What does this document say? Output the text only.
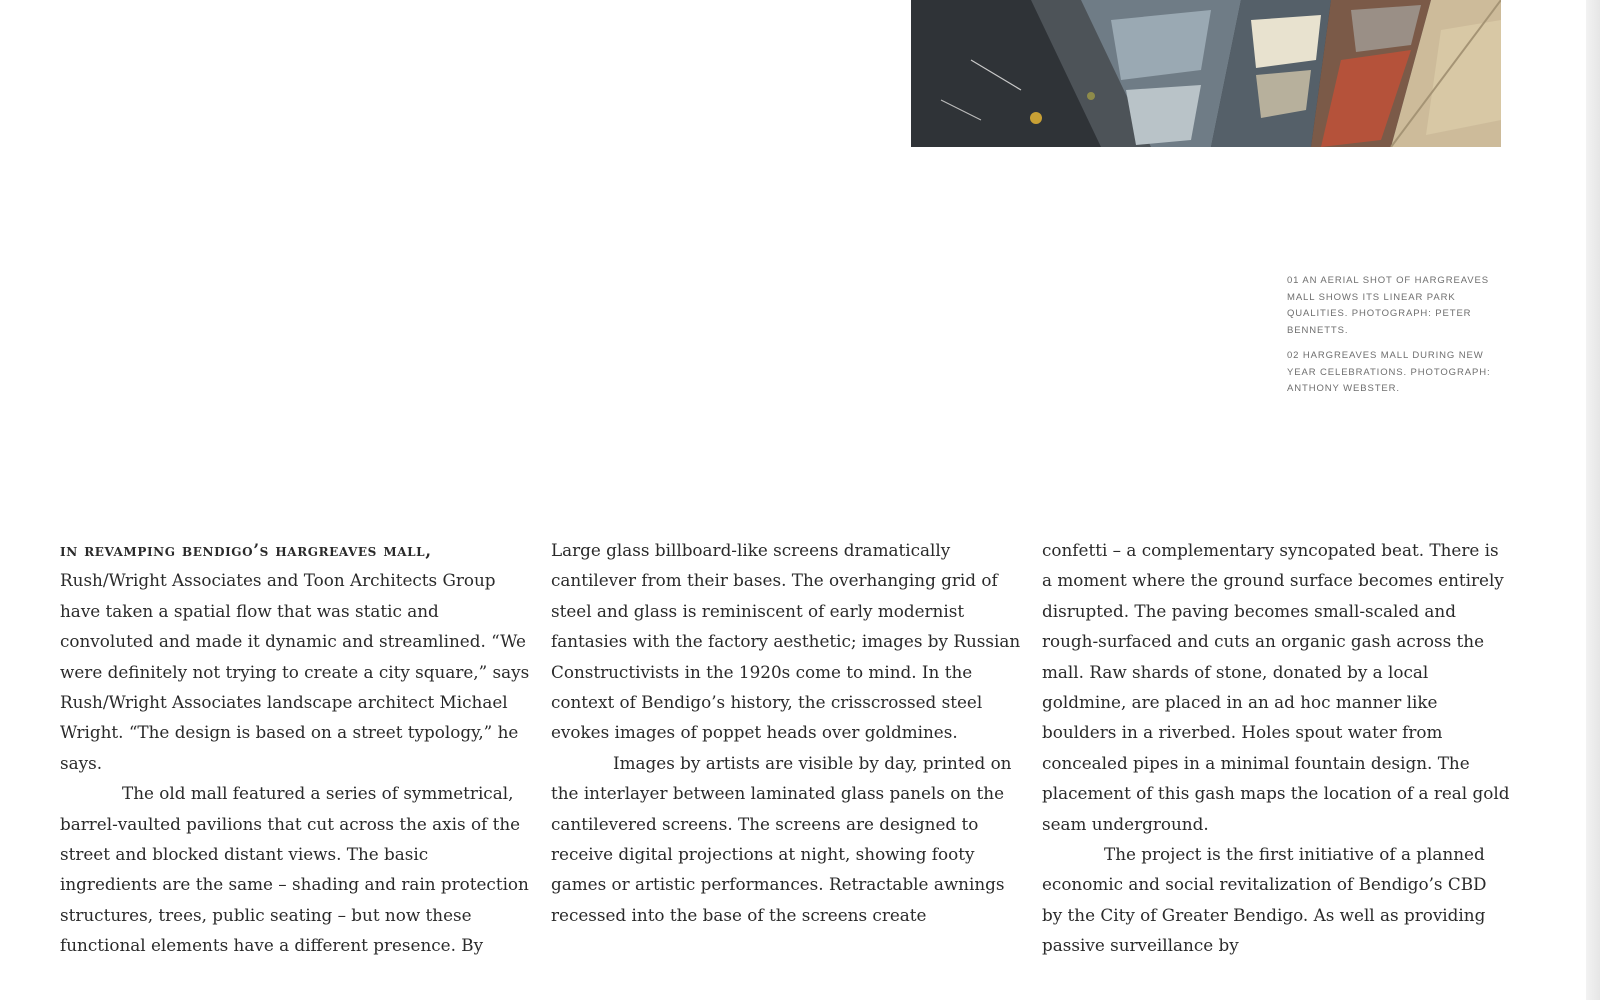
01 AN AERIAL SHOT OF HARGREAVES MALL SHOWS ITS LINEAR PARK QUALITIES. PHOTOGRAPH: PETER BENNETTS.

02 HARGREAVES MALL DURING NEW YEAR CELEBRATIONS. PHOTOGRAPH: ANTHONY WEBSTER.

in revamping bendigo’s hargreaves mall, Rush/Wright Associates and Toon Architects Group have taken a spatial flow that was static and convoluted and made it dynamic and streamlined. “We were definitely not trying to create a city square,” says Rush/Wright Associates landscape architect Michael Wright. “The design is based on a street typology,” he says.

The old mall featured a series of symmetrical, barrel-vaulted pavilions that cut across the axis of the street and blocked distant views. The basic ingredients are the same – shading and rain protection structures, trees, public seating – but now these functional elements have a different presence. By

Large glass billboard-like screens dramatically cantilever from their bases. The overhanging grid of steel and glass is reminiscent of early modernist fantasies with the factory aesthetic; images by Russian Constructivists in the 1920s come to mind. In the context of Bendigo’s history, the crisscrossed steel evokes images of poppet heads over goldmines.

Images by artists are visible by day, printed on the interlayer between laminated glass panels on the cantilevered screens. The screens are designed to receive digital projections at night, showing footy games or artistic performances. Retractable awnings recessed into the base of the screens create

confetti – a complementary syncopated beat. There is a moment where the ground surface becomes entirely disrupted. The paving becomes small-scaled and rough-surfaced and cuts an organic gash across the mall. Raw shards of stone, donated by a local goldmine, are placed in an ad hoc manner like boulders in a riverbed. Holes spout water from concealed pipes in a minimal fountain design. The placement of this gash maps the location of a real gold seam underground.

The project is the first initiative of a planned economic and social revitalization of Bendigo’s CBD by the City of Greater Bendigo. As well as providing passive surveillance by
